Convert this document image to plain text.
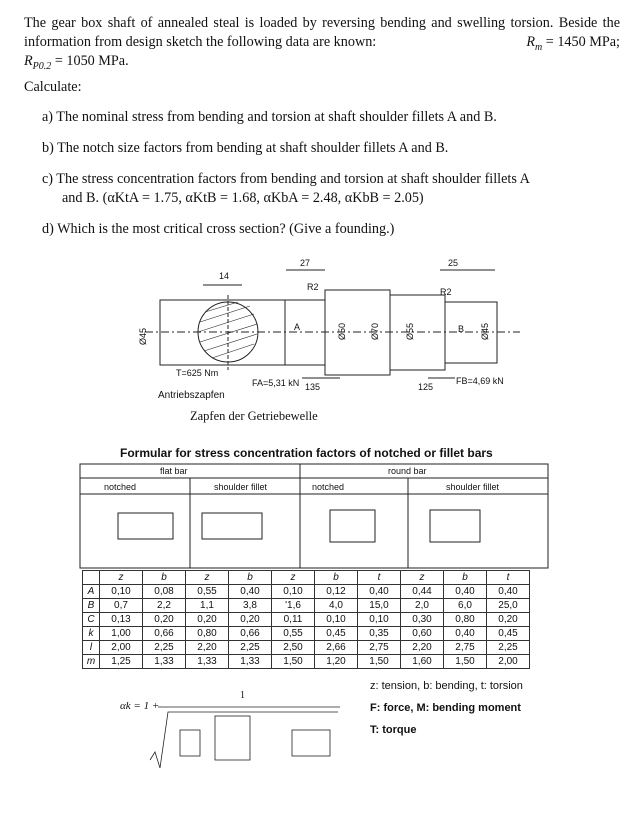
The gear box shaft of annealed steal is loaded by reversing bending and swelling torsion. Beside the information from design sketch the following data are known:	$R_m = 1450$ MPa;

$R_{P0.2} = 1050$ MPa.
Calculate:
a) The nominal stress from bending and torsion at shaft shoulder fillets A and B.
b) The notch size factors from bending at shaft shoulder fillets A and B.
c) The stress concentration factors from bending and torsion at shaft shoulder fillets A
and B. (αKtA = 1.75, αKtB = 1.68, αKbA = 2.48, αKbB = 2.05)
d) Which is the most critical cross section? (Give a founding.)
14
27	25
R2	R2
Ø45	Ø50	Ø70	Ø55	Ø45
A	B
T=625 Nm
FA=5,31 kN 135	125
FB=4,69 kN
Antriebszapfen
Zapfen der Getriebewelle
Formular for stress concentration factors of notched or fillet bars
flat bar	round bar
notched	shoulder fillet	notched	shoulder fillet
	z	b	z	b	z	b	t	z	b	t
A	0,10	0,08	0,55	0,40	0,10	0,12	0,40	0,44	0,40	0,40
B	0,7	2,2	1,1	3,8	'1,6	4,0	15,0	2,0	6,0	25,0
C	0,13	0,20	0,20	0,20	0,11	0,10	0,10	0,30	0,80	0,20
k	1,00	0,66	0,80	0,66	0,55	0,45	0,35	0,60	0,40	0,45
l	2,00	2,25	2,20	2,25	2,50	2,66	2,75	2,20	2,75	2,25
m	1,25	1,33	1,33	1,33	1,50	1,20	1,50	1,60	1,50	2,00
z: tension, b: bending, t: torsion
F: force, M: bending moment
T: torque
αk = 1 +
1
